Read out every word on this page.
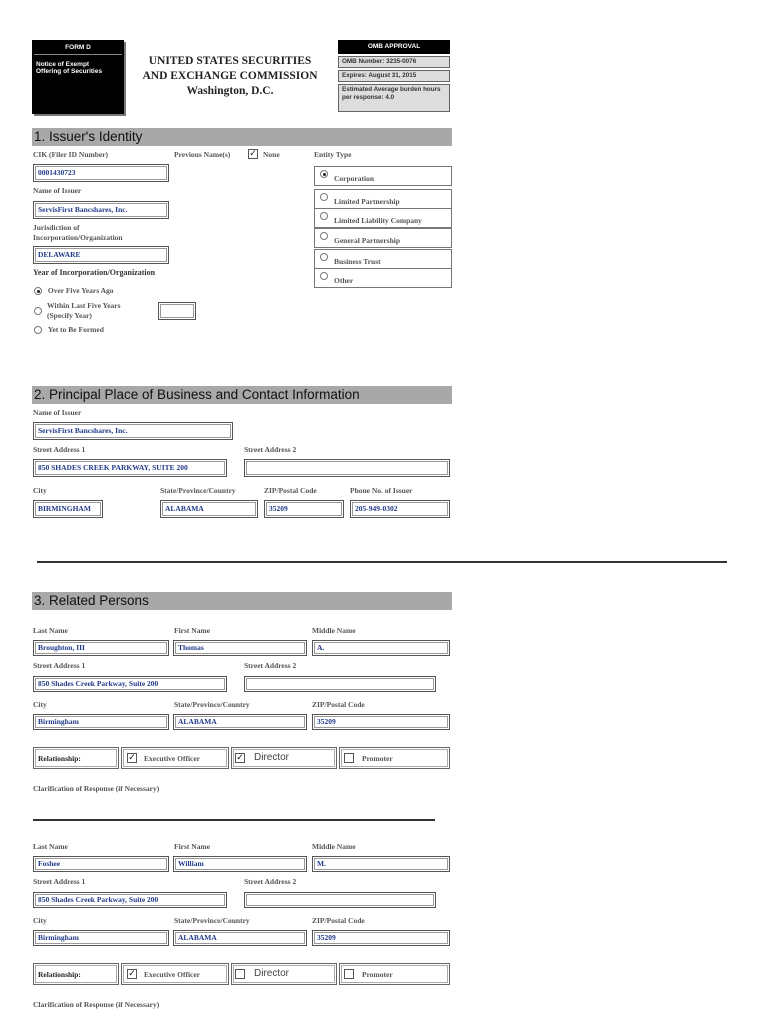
FORM D
Notice of Exempt
Offering of Securities
UNITED STATES SECURITIES
AND EXCHANGE COMMISSION
Washington, D.C.
OMB APPROVAL
OMB Number: 3235-0076
Expires: August 31, 2015
Estimated Average burden hours per response: 4.0
1. Issuer's Identity
CIK (Filer ID Number)
0001430723
Previous Name(s) ✓ None	Entity Type
Corporation
Limited Partnership
Limited Liability Company
General Partnership
Business Trust
Other
Name of Issuer
ServisFirst Bancshares, Inc.
Jurisdiction of
Incorporation/Organization
DELAWARE
Year of Incorporation/Organization
Over Five Years Ago
Within Last Five Years
(Specify Year)
Yet to Be Formed
2. Principal Place of Business and Contact Information
Name of Issuer
ServisFirst Bancshares, Inc.
Street Address 1	Street Address 2
850 SHADES CREEK PARKWAY, SUITE 200
City	State/Province/Country	ZIP/Postal Code	Phone No. of Issuer
BIRMINGHAM	ALABAMA	35209	205-949-0302
3. Related Persons
Last Name	First Name	Middle Name
Broughton, III	Thomas	A.
Street Address 1	Street Address 2
850 Shades Creek Parkway, Suite 200
City	State/Province/Country	ZIP/Postal Code
Birmingham	ALABAMA	35209
Relationship:	✓ Executive Officer	✓ Director	Promoter
Clarification of Response (if Necessary)
Last Name	First Name	Middle Name
Foshee	William	M.
Street Address 1	Street Address 2
850 Shades Creek Parkway, Suite 200
City	State/Province/Country	ZIP/Postal Code
Birmingham	ALABAMA	35209
Relationship:	✓ Executive Officer	Director	Promoter
Clarification of Response (if Necessary)
